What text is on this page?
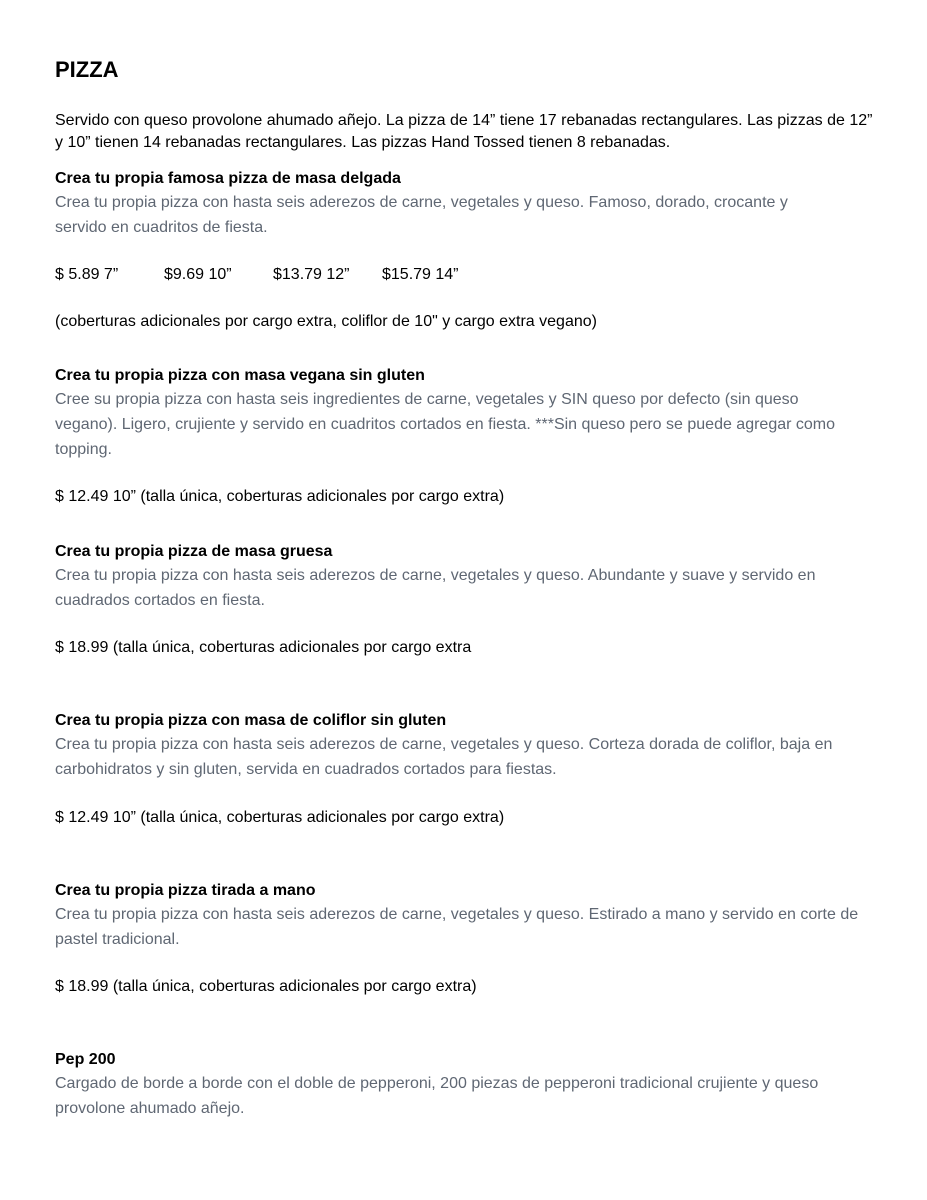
PIZZA

Servido con queso provolone ahumado añejo. La pizza de 14” tiene 17 rebanadas rectangulares. Las pizzas de 12” y 10” tienen 14 rebanadas rectangulares. Las pizzas Hand Tossed tienen 8 rebanadas.

Crea tu propia famosa pizza de masa delgada

Crea tu propia pizza con hasta seis aderezos de carne, vegetales y queso. Famoso, dorado, crocante y servido en cuadritos de fiesta.

$ 5.89 7”	$9.69 10”	$13.79 12” $15.79 14”

(coberturas adicionales por cargo extra, coliflor de 10" y cargo extra vegano)

Crea tu propia pizza con masa vegana sin gluten

Cree su propia pizza con hasta seis ingredientes de carne, vegetales y SIN queso por defecto (sin queso vegano). Ligero, crujiente y servido en cuadritos cortados en fiesta. ***Sin queso pero se puede agregar como topping.

$ 12.49 10” (talla única, coberturas adicionales por cargo extra)

Crea tu propia pizza de masa gruesa

Crea tu propia pizza con hasta seis aderezos de carne, vegetales y queso. Abundante y suave y servido en cuadrados cortados en fiesta.

$ 18.99 (talla única, coberturas adicionales por cargo extra

Crea tu propia pizza con masa de coliflor sin gluten

Crea tu propia pizza con hasta seis aderezos de carne, vegetales y queso. Corteza dorada de coliflor, baja en carbohidratos y sin gluten, servida en cuadrados cortados para fiestas.

$ 12.49 10” (talla única, coberturas adicionales por cargo extra)

Crea tu propia pizza tirada a mano

Crea tu propia pizza con hasta seis aderezos de carne, vegetales y queso. Estirado a mano y servido en corte de pastel tradicional.

$ 18.99 (talla única, coberturas adicionales por cargo extra)

Pep 200

Cargado de borde a borde con el doble de pepperoni, 200 piezas de pepperoni tradicional crujiente y queso provolone ahumado añejo.
